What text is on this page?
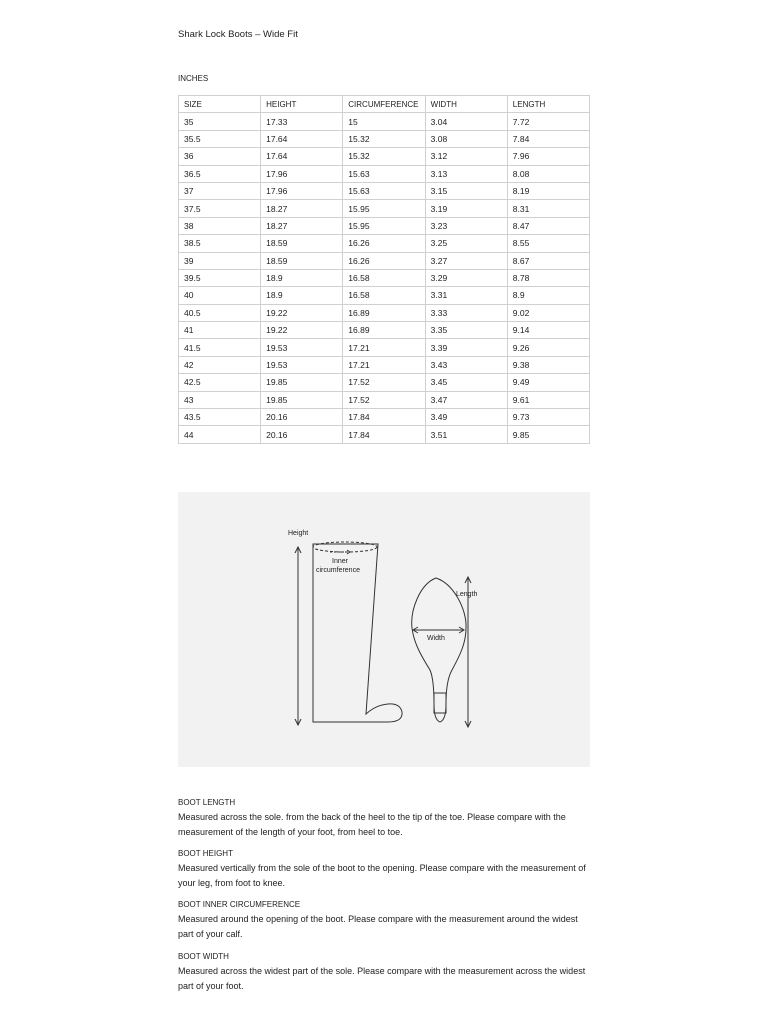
Shark Lock Boots – Wide Fit
INCHES
SIZE	HEIGHT	CIRCUMFERENCE	WIDTH	LENGTH
35	17.33	15	3.04	7.72
35.5	17.64	15.32	3.08	7.84
36	17.64	15.32	3.12	7.96
36.5	17.96	15.63	3.13	8.08
37	17.96	15.63	3.15	8.19
37.5	18.27	15.95	3.19	8.31
38	18.27	15.95	3.23	8.47
38.5	18.59	16.26	3.25	8.55
39	18.59	16.26	3.27	8.67
39.5	18.9	16.58	3.29	8.78
40	18.9	16.58	3.31	8.9
40.5	19.22	16.89	3.33	9.02
41	19.22	16.89	3.35	9.14
41.5	19.53	17.21	3.39	9.26
42	19.53	17.21	3.43	9.38
42.5	19.85	17.52	3.45	9.49
43	19.85	17.52	3.47	9.61
43.5	20.16	17.84	3.49	9.73
44	20.16	17.84	3.51	9.85
Height
Inner
circumference
Width
Length
BOOT LENGTH
Measured across the sole. from the back of the heel to the tip of the toe. Please compare with the measurement of the length of your foot, from heel to toe.
BOOT HEIGHT
Measured vertically from the sole of the boot to the opening. Please compare with the measurement of your leg, from foot to knee.
BOOT INNER CIRCUMFERENCE
Measured around the opening of the boot. Please compare with the measurement around the widest part of your calf.
BOOT WIDTH
Measured across the widest part of the sole. Please compare with the measurement across the widest part of your foot.
